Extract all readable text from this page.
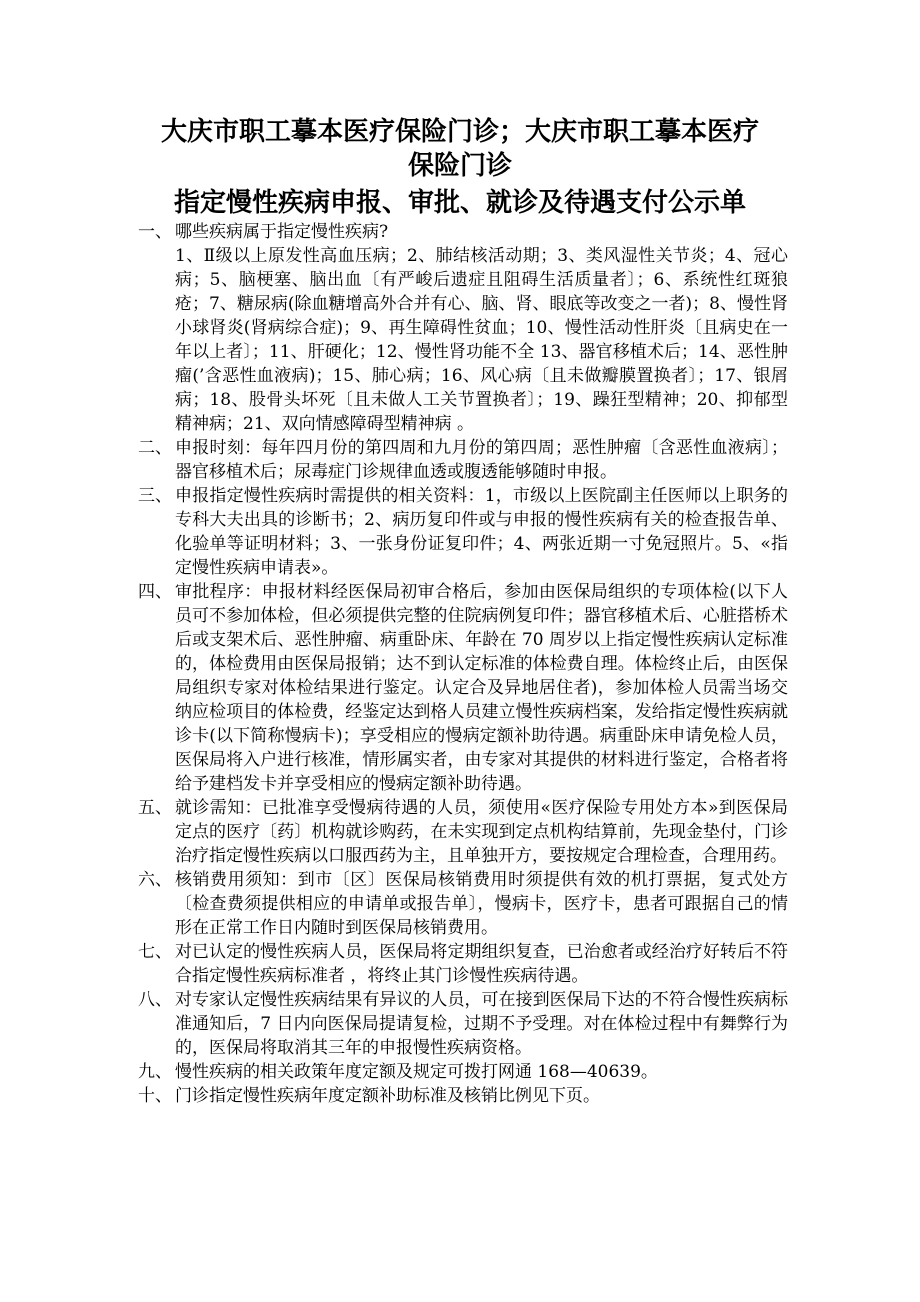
大庆市职工摹本医疗保险门诊；大庆市职工摹本医疗
保险门诊
指定慢性疾病申报、审批、就诊及待遇支付公示单
一、 哪些疾病属于指定慢性疾病?
1、Ⅱ级以上原发性高血压病；2、肺结核活动期；3、类风湿性关节炎；4、冠心病；5、脑梗塞、脑出血〔有严峻后遗症且阻碍生活质量者〕；6、系统性红斑狼疮；7、糖尿病(除血糖增高外合并有心、脑、肾、眼底等改变之一者)；8、慢性肾小球肾炎(肾病综合症)；9、再生障碍性贫血；10、慢性活动性肝炎〔且病史在一年以上者〕；11、肝硬化；12、慢性肾功能不全 13、器官移植术后；14、恶性肿瘤(’含恶性血液病)；15、肺心病；16、风心病〔且未做瓣膜置换者〕；17、银屑病；18、股骨头坏死〔且未做人工关节置换者〕；19、躁狂型精神；20、抑郁型精神病；21、双向情感障碍型精神病 。
二、 申报时刻：每年四月份的第四周和九月份的第四周；恶性肿瘤〔含恶性血液病〕；器官移植术后；尿毒症门诊规律血透或腹透能够随时申报。
三、 申报指定慢性疾病时需提供的相关资料：1，市级以上医院副主任医师以上职务的专科大夫出具的诊断书；2、病历复印件或与申报的慢性疾病有关的检查报告单、化验单等证明材料；3、一张身份证复印件；4、两张近期一寸免冠照片。5、«指定慢性疾病申请表»。
四、 审批程序：申报材料经医保局初审合格后，参加由医保局组织的专项体检(以下人员可不参加体检，但必须提供完整的住院病例复印件；器官移植术后、心脏搭桥术后或支架术后、恶性肿瘤、病重卧床、年龄在 70 周岁以上指定慢性疾病认定标准的，体检费用由医保局报销；达不到认定标准的体检费自理。体检终止后，由医保局组织专家对体检结果进行鉴定。认定合及异地居住者)，参加体检人员需当场交纳应检项目的体检费，经鉴定达到格人员建立慢性疾病档案，发给指定慢性疾病就诊卡(以下简称慢病卡)；享受相应的慢病定额补助待遇。病重卧床申请免检人员，医保局将入户进行核准，情形属实者，由专家对其提供的材料进行鉴定，合格者将给予建档发卡并享受相应的慢病定额补助待遇。
五、 就诊需知：已批准享受慢病待遇的人员，须使用«医疗保险专用处方本»到医保局定点的医疗〔药〕机构就诊购药，在未实现到定点机构结算前，先现金垫付，门诊治疗指定慢性疾病以口服西药为主，且单独开方，要按规定合理检查，合理用药。
六、 核销费用须知：到市〔区〕医保局核销费用时须提供有效的机打票据，复式处方〔检查费须提供相应的申请单或报告单〕，慢病卡，医疗卡，患者可跟据自己的情形在正常工作日内随时到医保局核销费用。
七、 对已认定的慢性疾病人员，医保局将定期组织复查，已治愈者或经治疗好转后不符合指定慢性疾病标准者 ，将终止其门诊慢性疾病待遇。
八、 对专家认定慢性疾病结果有异议的人员，可在接到医保局下达的不符合慢性疾病标准通知后，7 日内向医保局提请复检，过期不予受理。对在体检过程中有舞弊行为的，医保局将取消其三年的申报慢性疾病资格。
九、 慢性疾病的相关政策年度定额及规定可拨打网通 168—40639。
十、 门诊指定慢性疾病年度定额补助标准及核销比例见下页。
